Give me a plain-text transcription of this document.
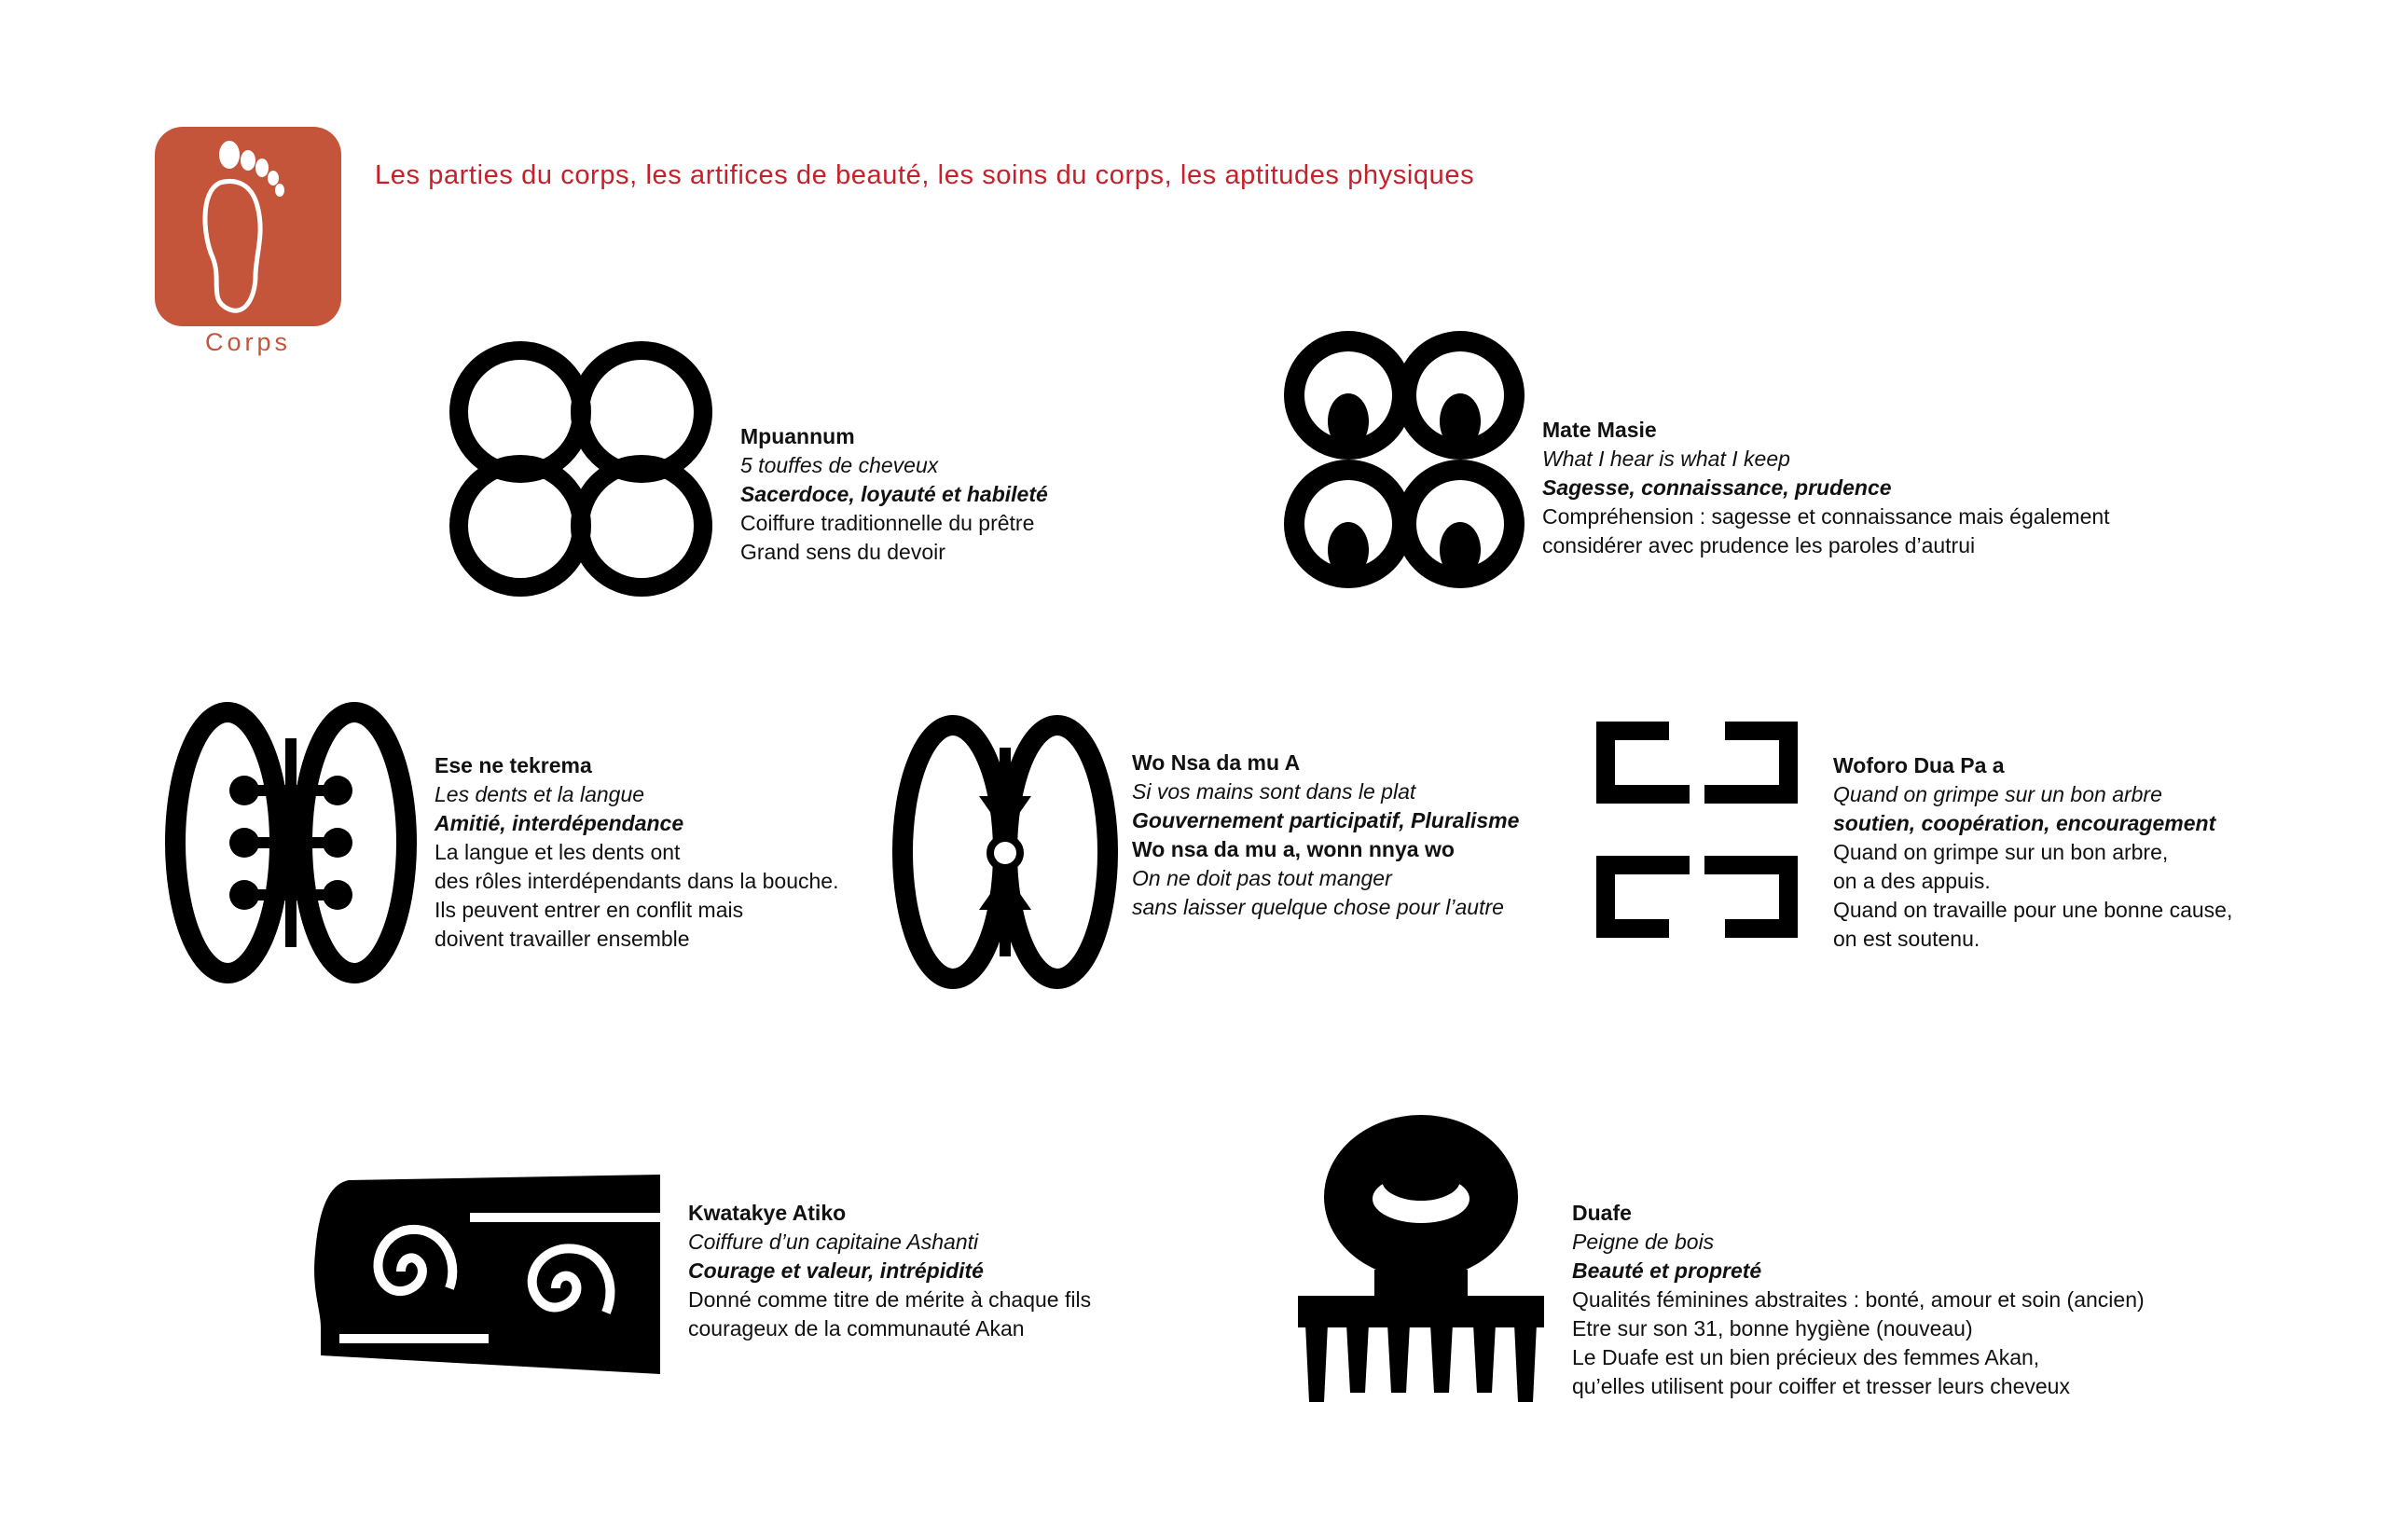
Corps
Les parties du corps, les artifices de beauté, les soins du corps, les aptitudes physiques
Mpuannum
5 touffes de cheveux
Sacerdoce, loyauté et habileté
Coiffure traditionnelle du prêtre
Grand sens du devoir
Mate Masie
What I hear is what I keep
Sagesse, connaissance, prudence
Compréhension : sagesse et connaissance mais également
considérer avec prudence les paroles d’autrui
Ese ne tekrema
Les dents et la langue
Amitié, interdépendance
La langue et les dents ont
des rôles interdépendants dans la bouche.
Ils peuvent entrer en conflit mais
doivent travailler ensemble
Wo Nsa da mu A
Si vos mains sont dans le plat
Gouvernement participatif, Pluralisme
Wo nsa da mu a, wonn nnya wo
On ne doit pas tout manger
sans laisser quelque chose pour l’autre
Woforo Dua Pa a
Quand on grimpe sur un bon arbre
soutien, coopération, encouragement
Quand on grimpe sur un bon arbre,
on a des appuis.
Quand on travaille pour une bonne cause,
on est soutenu.
Kwatakye Atiko
Coiffure d’un capitaine Ashanti
Courage et valeur, intrépidité
Donné comme titre de mérite à chaque fils
courageux de la communauté Akan
Duafe
Peigne de bois
Beauté et propreté
Qualités féminines abstraites : bonté, amour et soin (ancien)
Etre sur son 31, bonne hygiène (nouveau)
Le Duafe est un bien précieux des femmes Akan,
qu’elles utilisent pour coiffer et tresser leurs cheveux
